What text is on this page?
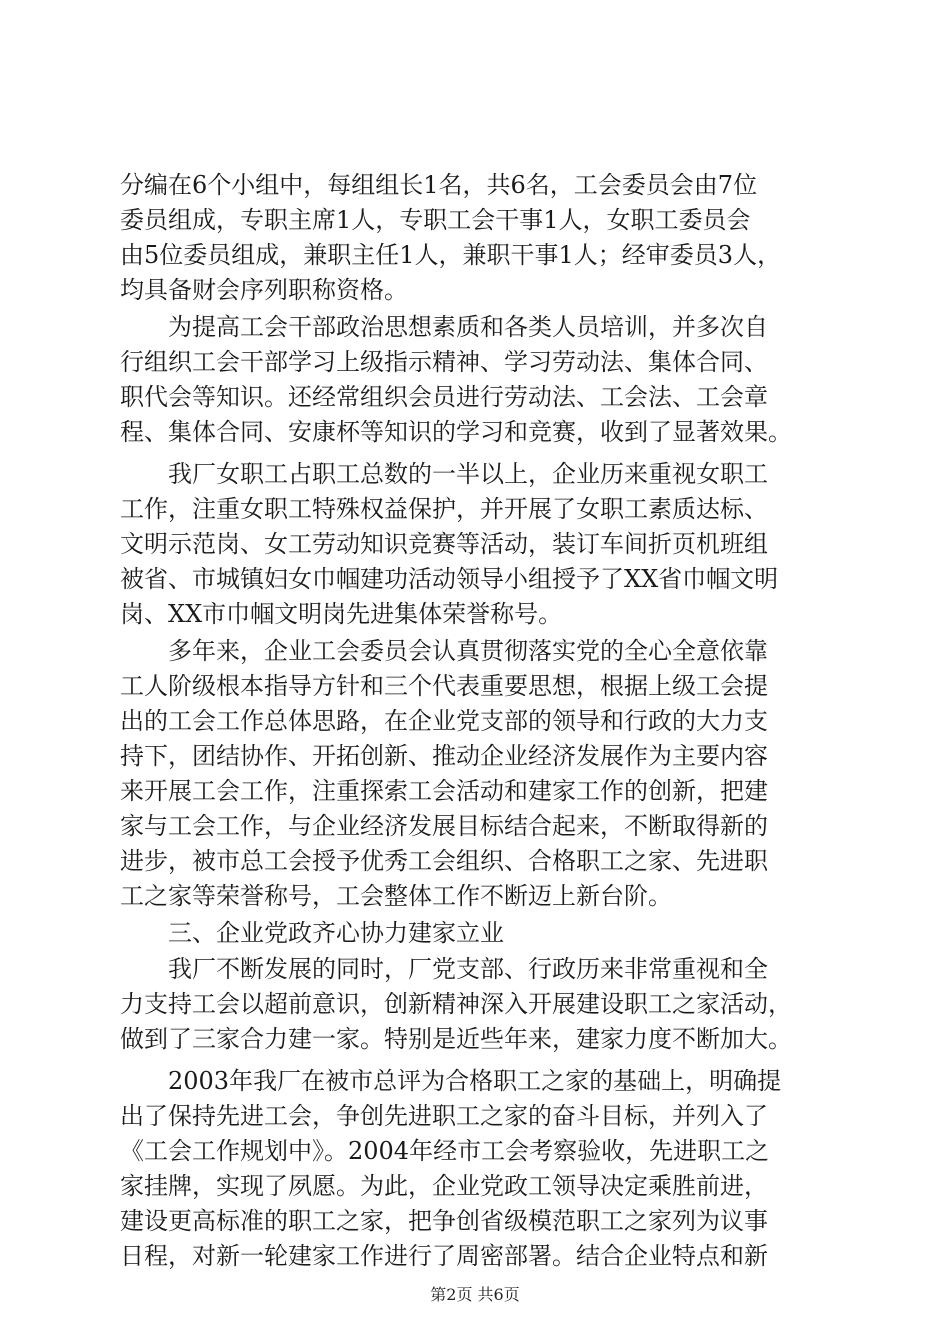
分编在6个小组中，每组组长1名，共6名，工会委员会由7位
委员组成，专职主席1人，专职工会干事1人，女职工委员会
由5位委员组成，兼职主任1人，兼职干事1人；经审委员3人，
均具备财会序列职称资格。
　　为提高工会干部政治思想素质和各类人员培训，并多次自
行组织工会干部学习上级指示精神、学习劳动法、集体合同、
职代会等知识。还经常组织会员进行劳动法、工会法、工会章
程、集体合同、安康杯等知识的学习和竞赛，收到了显著效果。
　　我厂女职工占职工总数的一半以上，企业历来重视女职工
工作，注重女职工特殊权益保护，并开展了女职工素质达标、
文明示范岗、女工劳动知识竞赛等活动，装订车间折页机班组
被省、市城镇妇女巾帼建功活动领导小组授予了XX省巾帼文明
岗、XX市巾帼文明岗先进集体荣誉称号。
　　多年来，企业工会委员会认真贯彻落实党的全心全意依靠
工人阶级根本指导方针和三个代表重要思想，根据上级工会提
出的工会工作总体思路，在企业党支部的领导和行政的大力支
持下，团结协作、开拓创新、推动企业经济发展作为主要内容
来开展工会工作，注重探索工会活动和建家工作的创新，把建
家与工会工作，与企业经济发展目标结合起来，不断取得新的
进步，被市总工会授予优秀工会组织、合格职工之家、先进职
工之家等荣誉称号，工会整体工作不断迈上新台阶。
　　三、企业党政齐心协力建家立业
　　我厂不断发展的同时，厂党支部、行政历来非常重视和全
力支持工会以超前意识，创新精神深入开展建设职工之家活动，
做到了三家合力建一家。特别是近些年来，建家力度不断加大。
　　2003年我厂在被市总评为合格职工之家的基础上，明确提
出了保持先进工会，争创先进职工之家的奋斗目标，并列入了
《工会工作规划中》。2004年经市工会考察验收，先进职工之
家挂牌，实现了夙愿。为此，企业党政工领导决定乘胜前进，
建设更高标准的职工之家，把争创省级模范职工之家列为议事
日程，对新一轮建家工作进行了周密部署。结合企业特点和新
第2页 共6页
